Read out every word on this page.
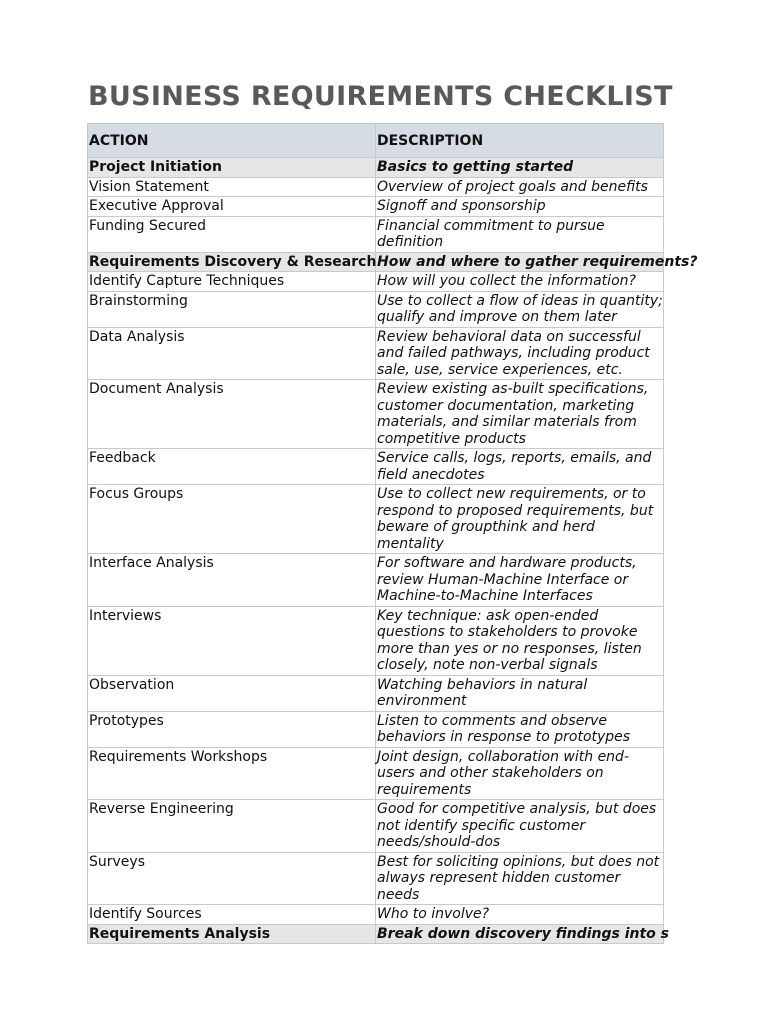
BUSINESS REQUIREMENTS CHECKLIST
ACTION	DESCRIPTION
Project Initiation	Basics to getting started
Vision Statement	Overview of project goals and benefits
Executive Approval	Signoff and sponsorship
Funding Secured	Financial commitment to pursue definition
Requirements Discovery & Research	How and where to gather requirements?
Identify Capture Techniques	How will you collect the information?
Brainstorming	Use to collect a flow of ideas in quantity; qualify and improve on them later
Data Analysis	Review behavioral data on successful and failed pathways, including product sale, use, service experiences, etc.
Document Analysis	Review existing as-built specifications, customer documentation, marketing materials, and similar materials from competitive products
Feedback	Service calls, logs, reports, emails, and field anecdotes
Focus Groups	Use to collect new requirements, or to respond to proposed requirements, but beware of groupthink and herd mentality
Interface Analysis	For software and hardware products, review Human-Machine Interface or Machine-to-Machine Interfaces
Interviews	Key technique: ask open-ended questions to stakeholders to provoke more than yes or no responses, listen closely, note non-verbal signals
Observation	Watching behaviors in natural environment
Prototypes	Listen to comments and observe behaviors in response to prototypes
Requirements Workshops	Joint design, collaboration with end-users and other stakeholders on requirements
Reverse Engineering	Good for competitive analysis, but does not identify specific customer needs/should-dos
Surveys	Best for soliciting opinions, but does not always represent hidden customer needs
Identify Sources	Who to involve?
Requirements Analysis	Break down discovery findings into s
